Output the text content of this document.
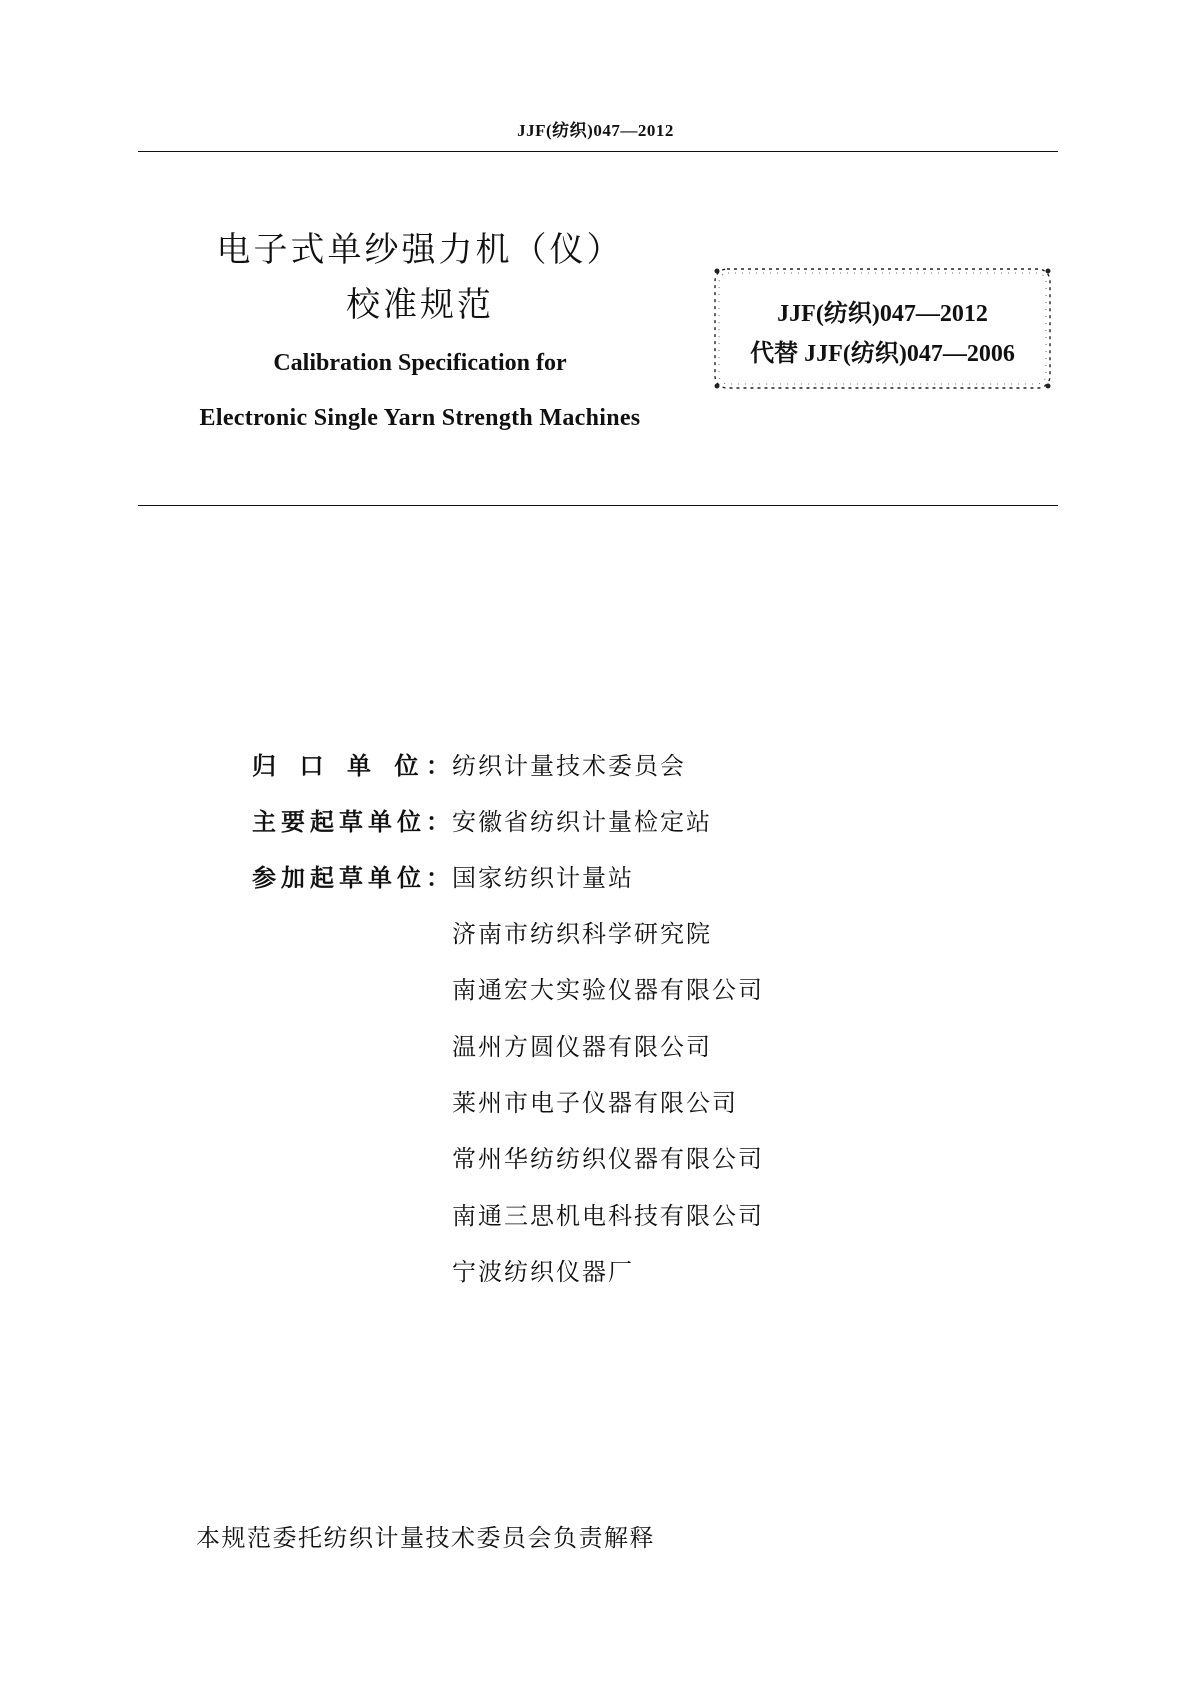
JJF(纺织)047—2012
电子式单纱强力机（仪）
校准规范
Calibration Specification for
Electronic Single Yarn Strength Machines
JJF(纺织)047—2012
代替 JJF(纺织)047—2006
归 口 单 位： 纺织计量技术委员会
主要起草单位： 安徽省纺织计量检定站
参加起草单位： 国家纺织计量站
济南市纺织科学研究院
南通宏大实验仪器有限公司
温州方圆仪器有限公司
莱州市电子仪器有限公司
常州华纺纺织仪器有限公司
南通三思机电科技有限公司
宁波纺织仪器厂
本规范委托纺织计量技术委员会负责解释
